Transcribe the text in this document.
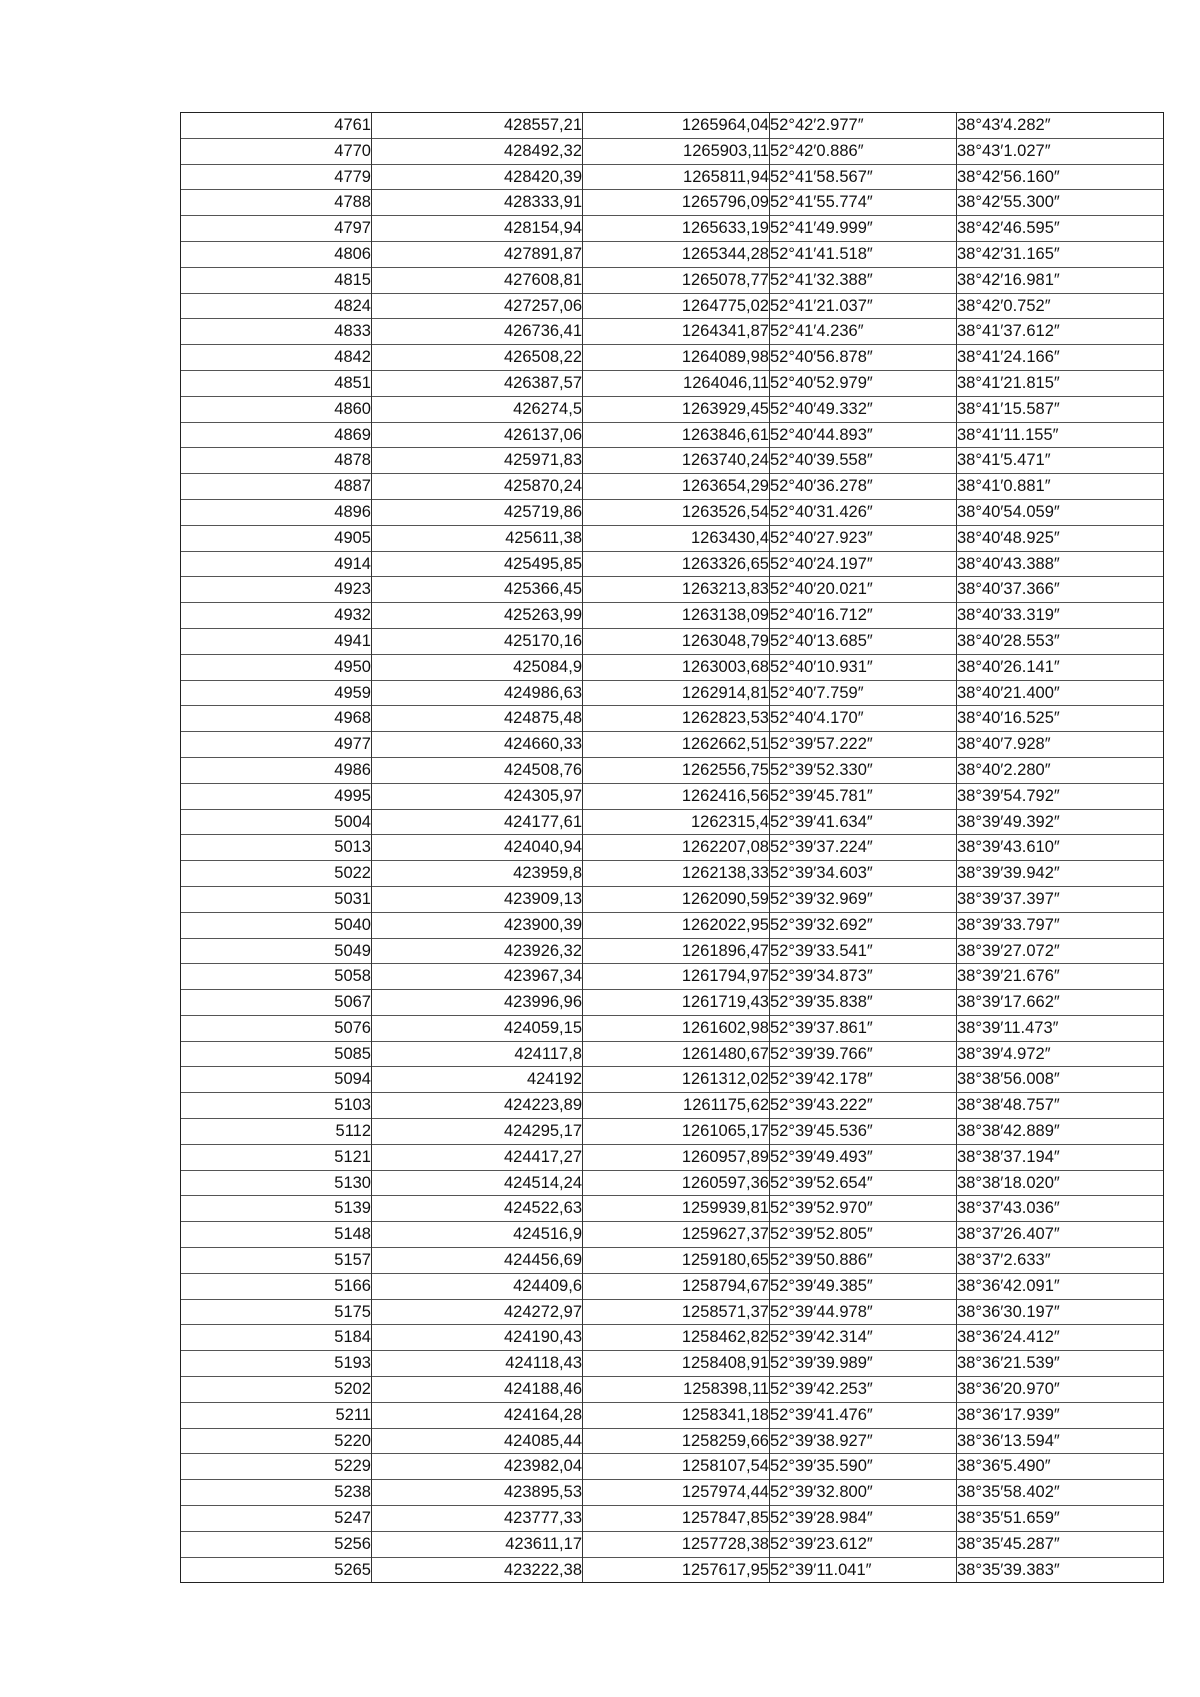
4761	428557,21	1265964,04	52°42′2.977″	38°43′4.282″
4770	428492,32	1265903,11	52°42′0.886″	38°43′1.027″
4779	428420,39	1265811,94	52°41′58.567″	38°42′56.160″
4788	428333,91	1265796,09	52°41′55.774″	38°42′55.300″
4797	428154,94	1265633,19	52°41′49.999″	38°42′46.595″
4806	427891,87	1265344,28	52°41′41.518″	38°42′31.165″
4815	427608,81	1265078,77	52°41′32.388″	38°42′16.981″
4824	427257,06	1264775,02	52°41′21.037″	38°42′0.752″
4833	426736,41	1264341,87	52°41′4.236″	38°41′37.612″
4842	426508,22	1264089,98	52°40′56.878″	38°41′24.166″
4851	426387,57	1264046,11	52°40′52.979″	38°41′21.815″
4860	426274,5	1263929,45	52°40′49.332″	38°41′15.587″
4869	426137,06	1263846,61	52°40′44.893″	38°41′11.155″
4878	425971,83	1263740,24	52°40′39.558″	38°41′5.471″
4887	425870,24	1263654,29	52°40′36.278″	38°41′0.881″
4896	425719,86	1263526,54	52°40′31.426″	38°40′54.059″
4905	425611,38	1263430,4	52°40′27.923″	38°40′48.925″
4914	425495,85	1263326,65	52°40′24.197″	38°40′43.388″
4923	425366,45	1263213,83	52°40′20.021″	38°40′37.366″
4932	425263,99	1263138,09	52°40′16.712″	38°40′33.319″
4941	425170,16	1263048,79	52°40′13.685″	38°40′28.553″
4950	425084,9	1263003,68	52°40′10.931″	38°40′26.141″
4959	424986,63	1262914,81	52°40′7.759″	38°40′21.400″
4968	424875,48	1262823,53	52°40′4.170″	38°40′16.525″
4977	424660,33	1262662,51	52°39′57.222″	38°40′7.928″
4986	424508,76	1262556,75	52°39′52.330″	38°40′2.280″
4995	424305,97	1262416,56	52°39′45.781″	38°39′54.792″
5004	424177,61	1262315,4	52°39′41.634″	38°39′49.392″
5013	424040,94	1262207,08	52°39′37.224″	38°39′43.610″
5022	423959,8	1262138,33	52°39′34.603″	38°39′39.942″
5031	423909,13	1262090,59	52°39′32.969″	38°39′37.397″
5040	423900,39	1262022,95	52°39′32.692″	38°39′33.797″
5049	423926,32	1261896,47	52°39′33.541″	38°39′27.072″
5058	423967,34	1261794,97	52°39′34.873″	38°39′21.676″
5067	423996,96	1261719,43	52°39′35.838″	38°39′17.662″
5076	424059,15	1261602,98	52°39′37.861″	38°39′11.473″
5085	424117,8	1261480,67	52°39′39.766″	38°39′4.972″
5094	424192	1261312,02	52°39′42.178″	38°38′56.008″
5103	424223,89	1261175,62	52°39′43.222″	38°38′48.757″
5112	424295,17	1261065,17	52°39′45.536″	38°38′42.889″
5121	424417,27	1260957,89	52°39′49.493″	38°38′37.194″
5130	424514,24	1260597,36	52°39′52.654″	38°38′18.020″
5139	424522,63	1259939,81	52°39′52.970″	38°37′43.036″
5148	424516,9	1259627,37	52°39′52.805″	38°37′26.407″
5157	424456,69	1259180,65	52°39′50.886″	38°37′2.633″
5166	424409,6	1258794,67	52°39′49.385″	38°36′42.091″
5175	424272,97	1258571,37	52°39′44.978″	38°36′30.197″
5184	424190,43	1258462,82	52°39′42.314″	38°36′24.412″
5193	424118,43	1258408,91	52°39′39.989″	38°36′21.539″
5202	424188,46	1258398,11	52°39′42.253″	38°36′20.970″
5211	424164,28	1258341,18	52°39′41.476″	38°36′17.939″
5220	424085,44	1258259,66	52°39′38.927″	38°36′13.594″
5229	423982,04	1258107,54	52°39′35.590″	38°36′5.490″
5238	423895,53	1257974,44	52°39′32.800″	38°35′58.402″
5247	423777,33	1257847,85	52°39′28.984″	38°35′51.659″
5256	423611,17	1257728,38	52°39′23.612″	38°35′45.287″
5265	423222,38	1257617,95	52°39′11.041″	38°35′39.383″
